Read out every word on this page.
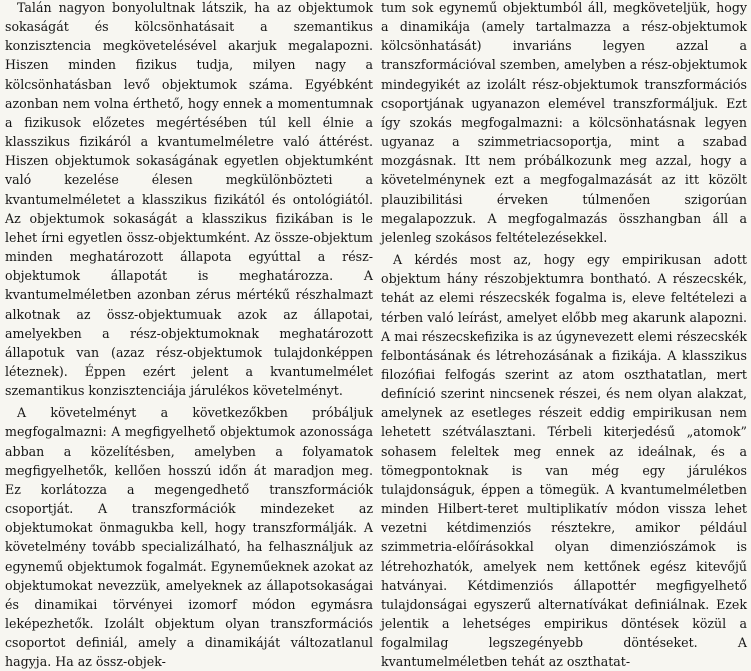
Talán nagyon bonyolultnak látszik, ha az objektumok sokaságát és kölcsönhatásait a szemantikus konzisztencia megkövetelésével akarjuk megalapozni. Hiszen minden fizikus tudja, milyen nagy a kölcsönhatásban levő objektumok száma. Egyébként azonban nem volna érthető, hogy ennek a momentumnak a fizikusok előzetes megértésében túl kell élnie a klasszikus fizikáról a kvantumelméletre való áttérést. Hiszen objektumok sokaságának egyetlen objektumként való kezelése élesen megkülönbözteti a kvantumelméletet a klasszikus fizikától és ontológiától. Az objektumok sokaságát a klasszikus fizikában is le lehet írni egyetlen össz-objektumként. Az össze-objektum minden meghatározott állapota egyúttal a rész-objektumok állapotát is meghatározza. A kvantumelméletben azonban zérus mértékű részhalmazt alkotnak az össz-objektumuak azok az állapotai, amelyekben a rész-objektumoknak meghatározott állapotuk van (azaz rész-objektumok tulajdonképpen léteznek). Éppen ezért jelent a kvantumelmélet szemantikus konzisztenciája járulékos követelményt.

A követelményt a következőkben próbáljuk megfogalmazni: A megfigyelhető objektumok azonossága abban a közelítésben, amelyben a folyamatok megfigyelhetők, kellően hosszú időn át maradjon meg. Ez korlátozza a megengedhető transzformációk csoportját. A transzformációk mindezeket az objektumokat önmagukba kell, hogy transzformálják. A követelmény tovább specializálható, ha felhasználjuk az egynemű objektumok fogalmát. Egyneműeknek azokat az objektumokat nevezzük, amelyeknek az állapotsokaságai és dinamikai törvényei izomorf módon egymásra leképezhetők. Izolált objektum olyan transzformációs csoportot definiál, amely a dinamikáját változatlanul hagyja. Ha az össz-objek-

tum sok egynemű objektumból áll, megköveteljük, hogy a dinamikája (amely tartalmazza a rész-objektumok kölcsönhatását) invariáns legyen azzal a transzformációval szemben, amelyben a rész-objektumok mindegyikét az izolált rész-objektumok transzformációs csoportjának ugyanazon elemével transzformáljuk. Ezt így szokás megfogalmazni: a kölcsönhatásnak legyen ugyanaz a szimmetriacsoportja, mint a szabad mozgásnak. Itt nem próbálkozunk meg azzal, hogy a követelménynek ezt a megfogalmazását az itt közölt plauzibilitási érveken túlmenően szigorúan megalapozzuk. A megfogalmazás összhangban áll a jelenleg szokásos feltételezésekkel.

A kérdés most az, hogy egy empirikusan adott objektum hány részobjektumra bontható. A részecskék, tehát az elemi részecskék fogalma is, eleve feltételezi a térben való leírást, amelyet előbb meg akarunk alapozni. A mai részecskefizika is az úgynevezett elemi részecskék felbontásának és létrehozásának a fizikája. A klasszikus filozófiai felfogás szerint az atom oszthatatlan, mert definíció szerint nincsenek részei, és nem olyan alakzat, amelynek az esetleges részeit eddig empirikusan nem lehetett szétválasztani. Térbeli kiterjedésű „atomok” sohasem feleltek meg ennek az ideálnak, és a tömegpontoknak is van még egy járulékos tulajdonságuk, éppen a tömegük. A kvantumelméletben minden Hilbert-teret multiplikatív módon vissza lehet vezetni kétdimenziós résztekre, amikor például szimmetria-előírásokkal olyan dimenziószámok is létrehozhatók, amelyek nem kettőnek egész kitevőjű hatványai. Kétdimenziós állapottér megfigyelhető tulajdonságai egyszerű alternatívákat definiálnak. Ezek jelentik a lehetséges empirikus döntések közül a fogalmilag legszegényebb döntéseket. A kvantumelméletben tehát az oszthatat-
